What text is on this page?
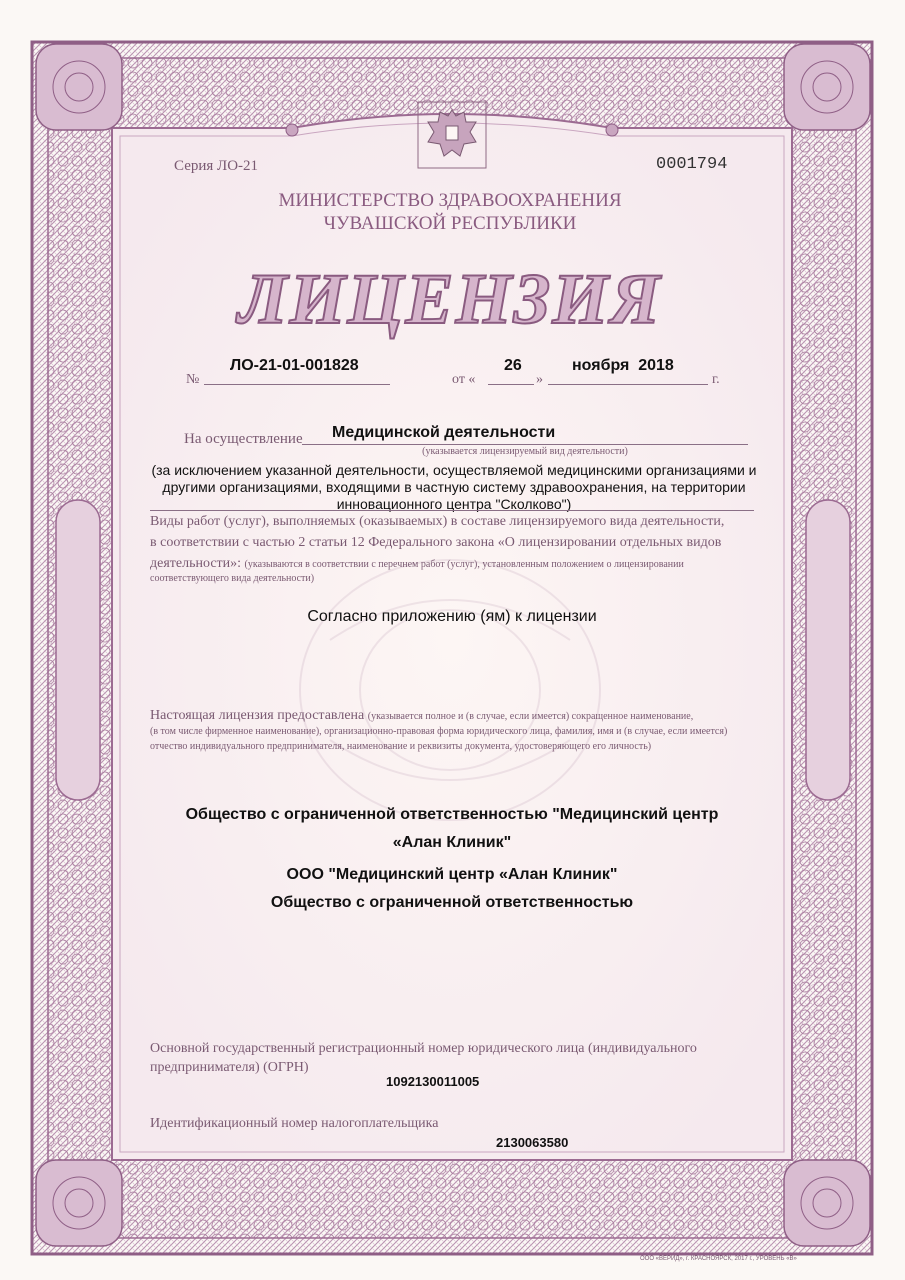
Серия ЛО-21	0001794
МИНИСТЕРСТВО ЗДРАВООХРАНЕНИЯ
ЧУВАШСКОЙ РЕСПУБЛИКИ
ЛИЦЕНЗИЯ
№
ЛО-21-01-001828
от «
26
»
ноября  2018
г.
На осуществление Медицинской деятельности
(указывается лицензируемый вид деятельности)
(за исключением указанной деятельности, осуществляемой медицинскими организациями и другими организациями, входящими в частную систему здравоохранения, на территории инновационного центра "Сколково")
Виды работ (услуг), выполняемых (оказываемых) в составе лицензируемого вида деятельности,
в соответствии с частью 2 статьи 12 Федерального закона «О лицензировании отдельных видов
деятельности»: (указываются в соответствии с перечнем работ (услуг), установленным положением о лицензировании
соответствующего вида деятельности)
Согласно приложению (ям) к лицензии
Настоящая лицензия предоставлена (указывается полное и (в случае, если имеется) сокращенное наименование,
(в том числе фирменное наименование), организационно-правовая форма юридического лица, фамилия, имя и (в случае, если имеется)
отчество индивидуального предпринимателя, наименование и реквизиты документа, удостоверяющего его личность)
Общество с ограниченной ответственностью "Медицинский центр
«Алан Клиник"
ООО "Медицинский центр «Алан Клиник"
Общество с ограниченной ответственностью
Основной государственный регистрационный номер юридического лица (индивидуального
предпринимателя) (ОГРН)
1092130011005
Идентификационный номер налогоплательщика
2130063580
ООО «ВЕРИД», г. КРАСНОЯРСК, 2017 г., УРОВЕНЬ «В»
